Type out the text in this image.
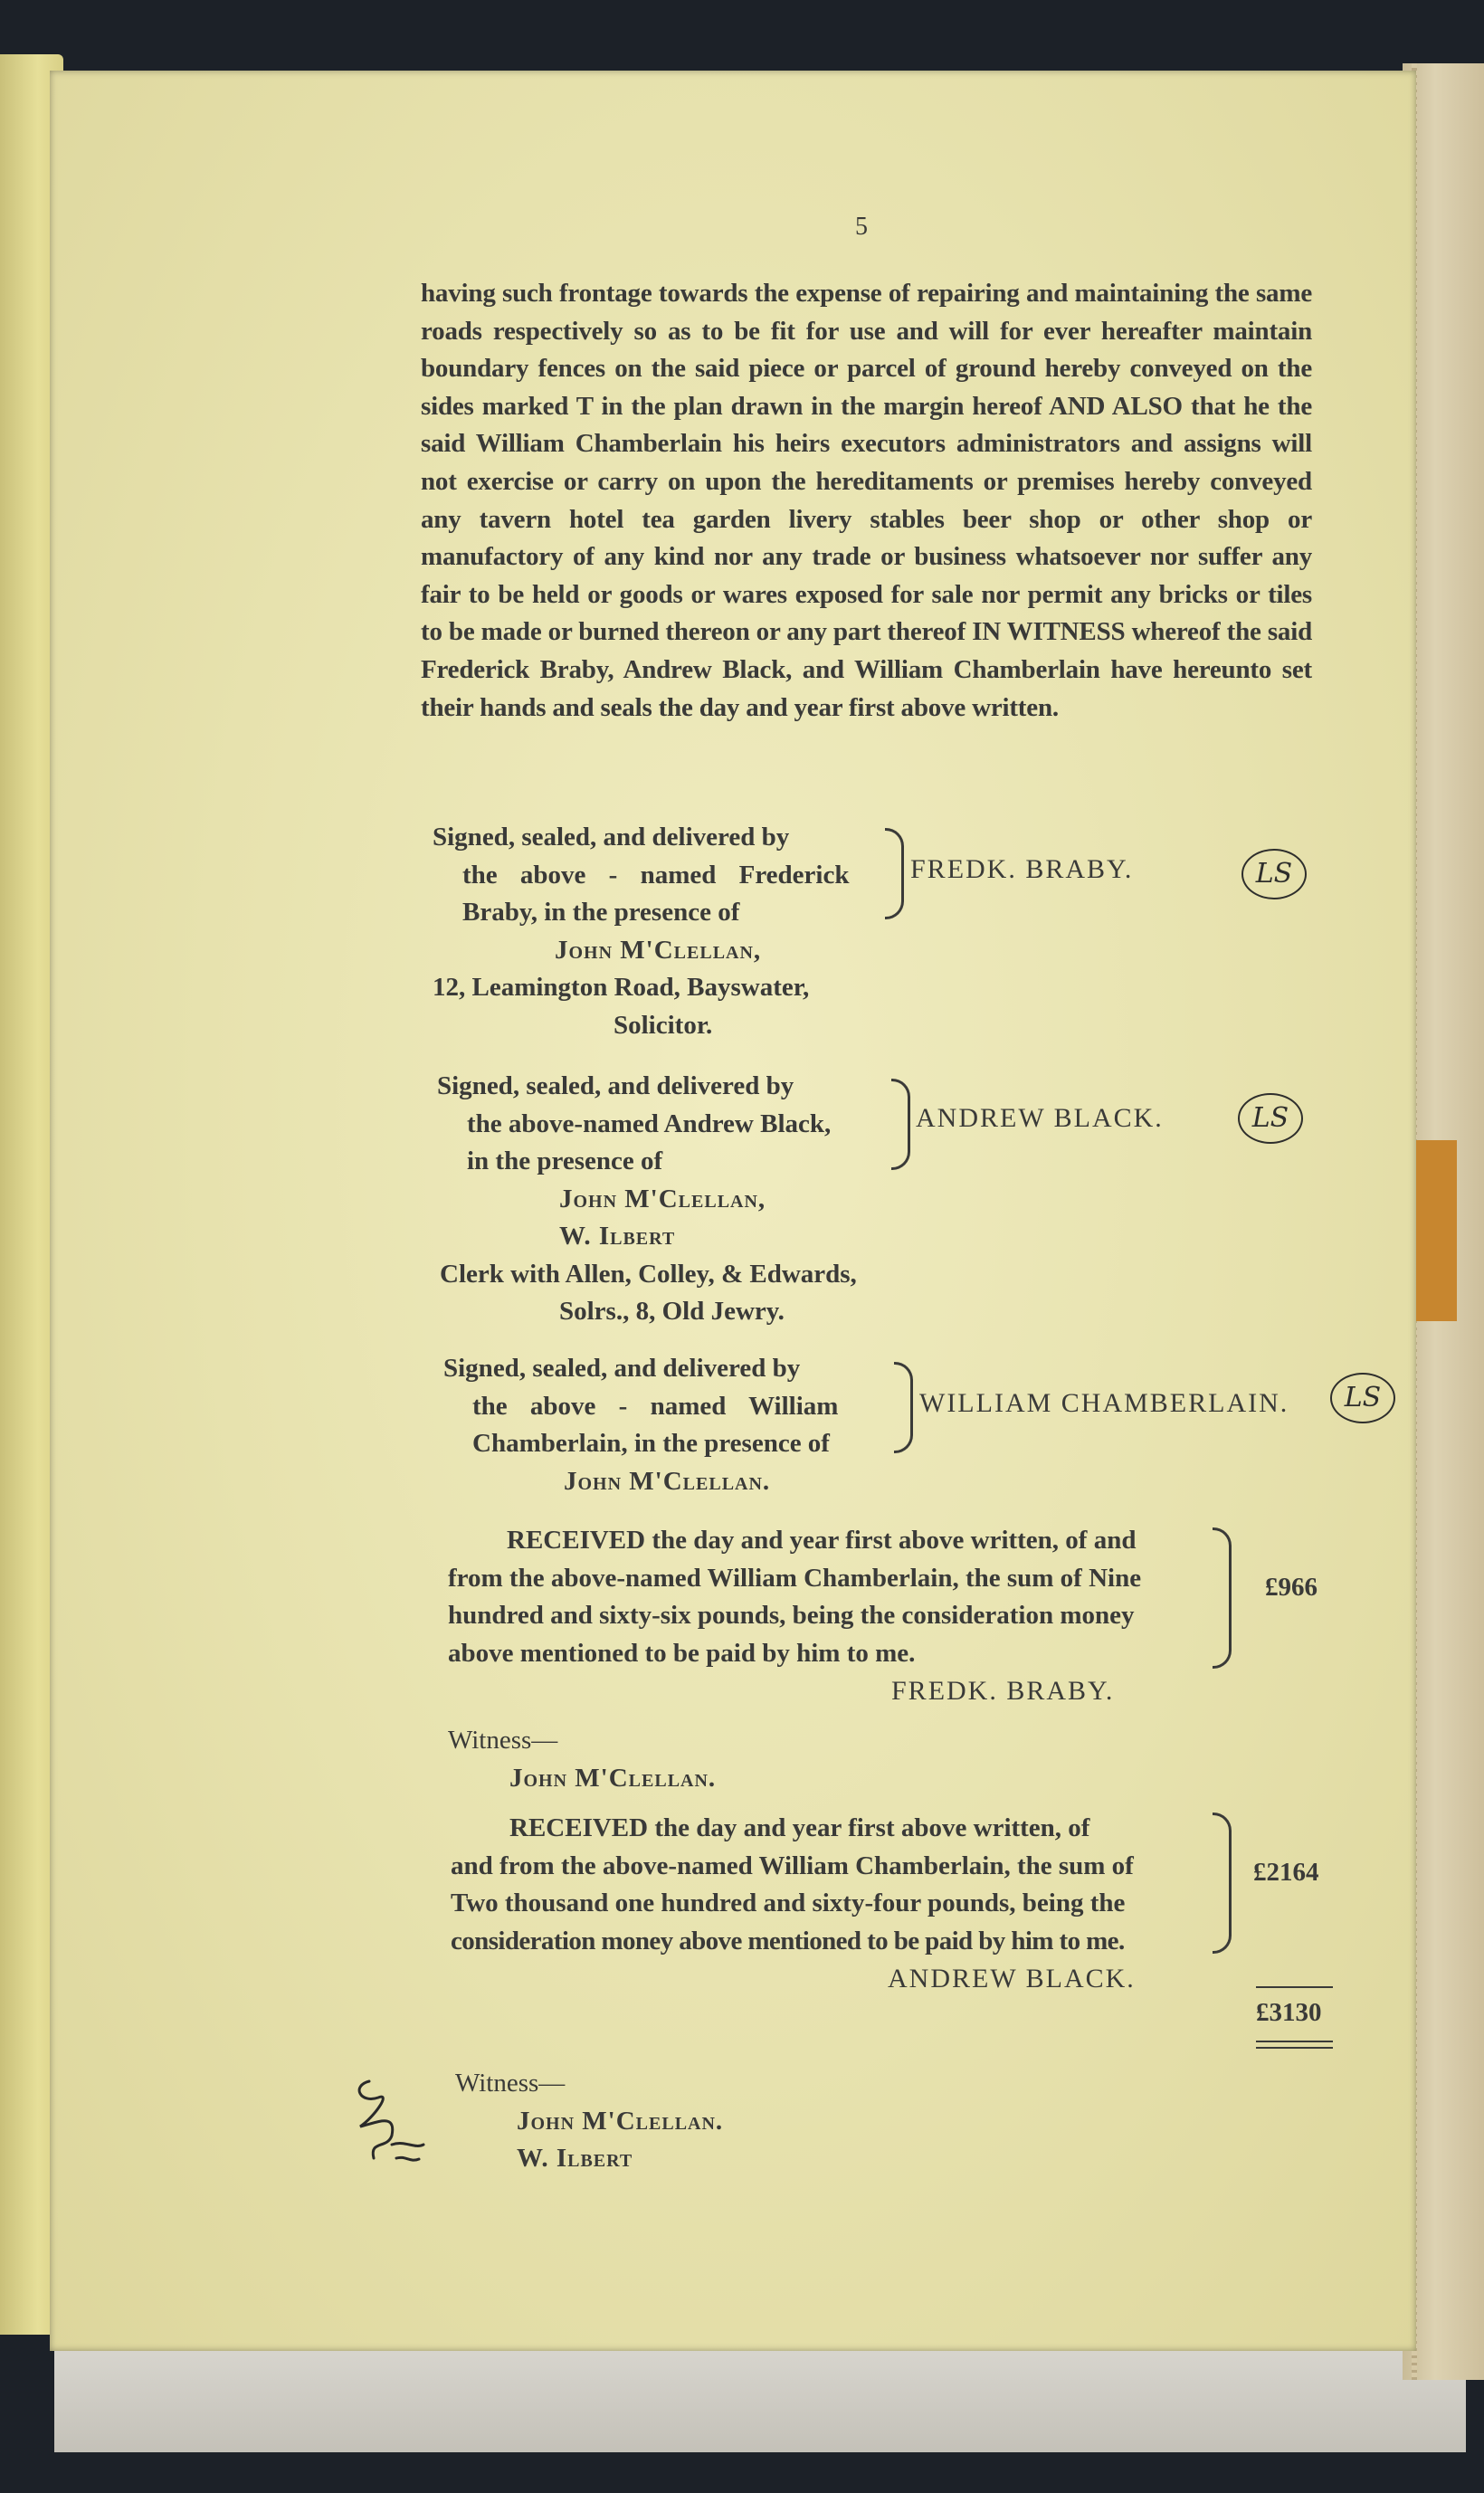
5
having such frontage towards the expense of repairing and maintaining the same roads respectively so as to be fit for use and will for ever hereafter maintain boundary fences on the said piece or parcel of ground hereby conveyed on the sides marked T in the plan drawn in the margin hereof AND ALSO that he the said William Chamberlain his heirs executors administrators and assigns will not exercise or carry on upon the hereditaments or premises hereby conveyed any tavern hotel tea garden livery stables beer shop or other shop or manufactory of any kind nor any trade or business whatsoever nor suffer any fair to be held or goods or wares exposed for sale nor permit any bricks or tiles to be made or burned thereon or any part thereof IN WITNESS whereof the said Frederick Braby, Andrew Black, and William Chamberlain have hereunto set their hands and seals the day and year first above written.
Signed, sealed, and delivered by
the above - named Frederick
Braby, in the presence of
John M'Clellan,
12, Leamington Road, Bayswater,
Solicitor.
FREDK. BRABY.	LS
Signed, sealed, and delivered by
the above-named Andrew Black,
in the presence of
John M'Clellan,
W. Ilbert
Clerk with Allen, Colley, & Edwards,
Solrs., 8, Old Jewry.
ANDREW BLACK.	LS
Signed, sealed, and delivered by
the above - named William
Chamberlain, in the presence of
John M'Clellan.
WILLIAM CHAMBERLAIN.	LS
RECEIVED the day and year first above written, of and
from the above-named William Chamberlain, the sum of Nine
hundred and sixty-six pounds, being the consideration money
above mentioned to be paid by him to me.
FREDK. BRABY.
£966
Witness—
John M'Clellan.
RECEIVED the day and year first above written, of
and from the above-named William Chamberlain, the sum of
Two thousand one hundred and sixty-four pounds, being the
consideration money above mentioned to be paid by him to me.
ANDREW BLACK.
£2164
£3130
Witness—
John M'Clellan.
W. Ilbert
